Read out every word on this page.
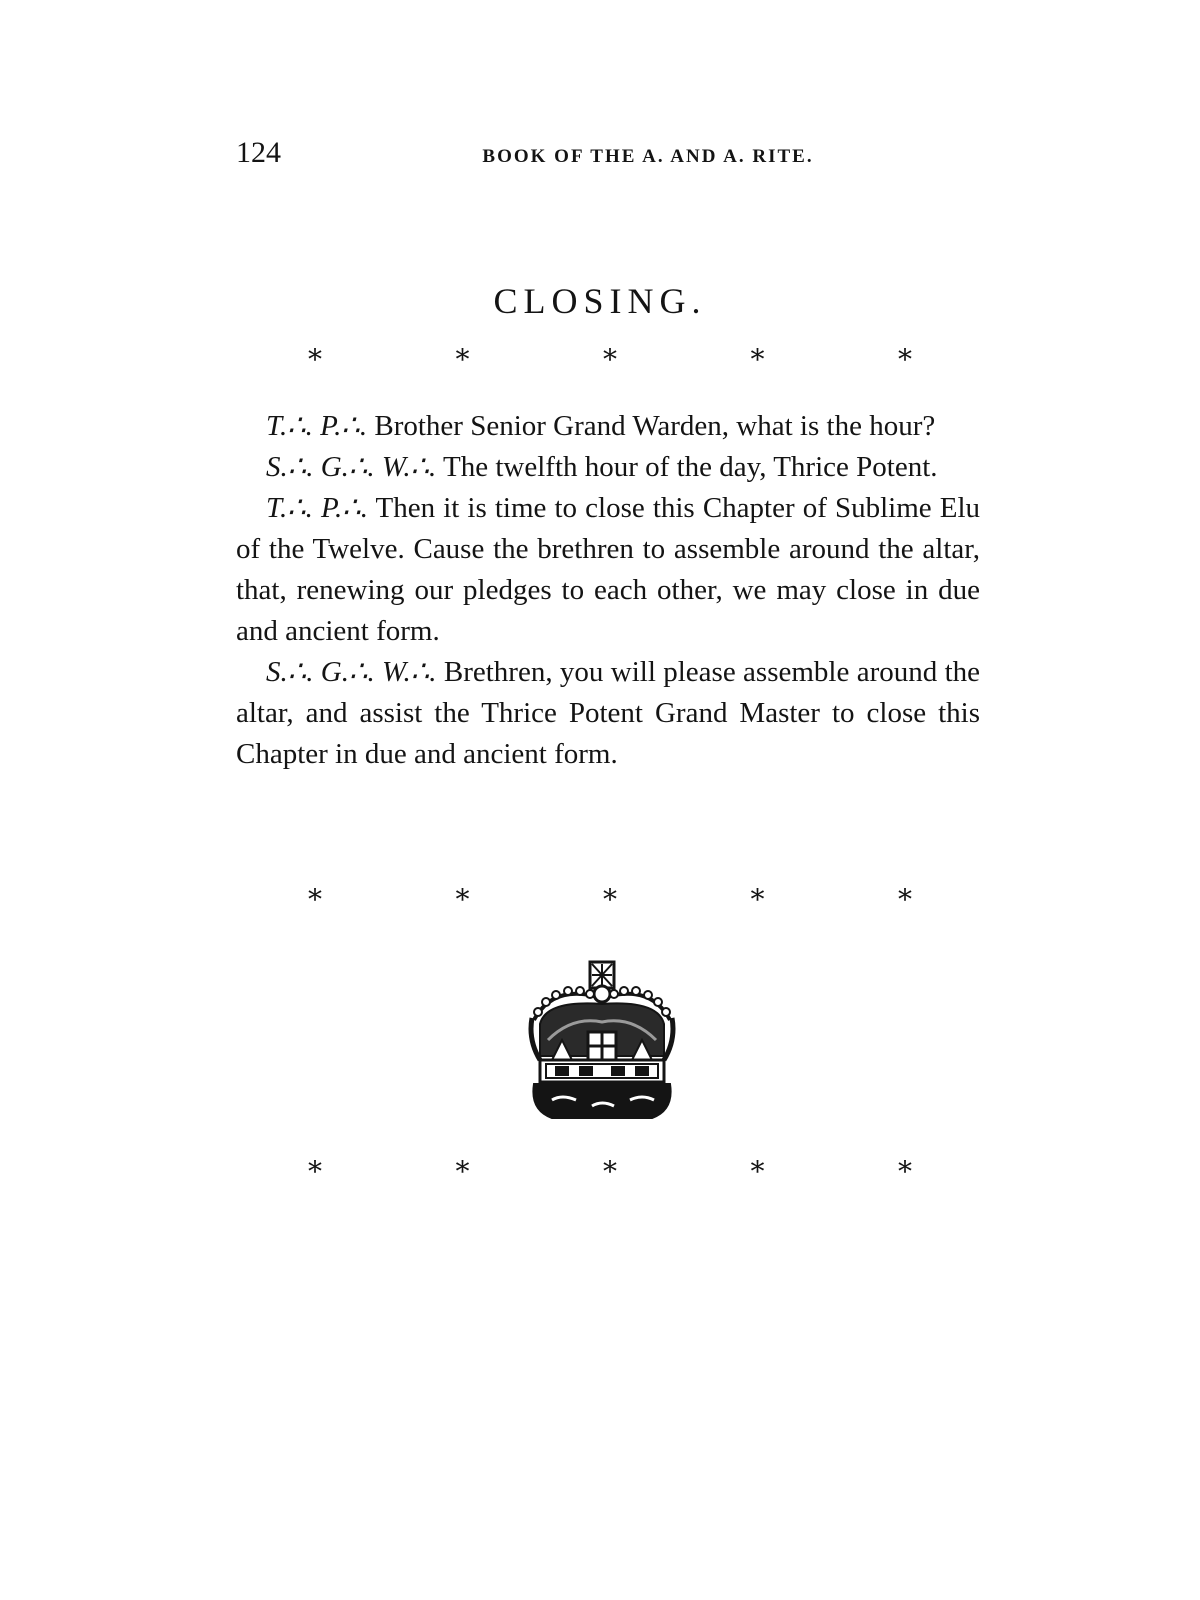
124	BOOK OF THE A. AND A. RITE.
CLOSING.
*	*	*	*	*

T.∴. P.∴. Brother Senior Grand Warden, what is the hour?

S.∴. G.∴. W.∴. The twelfth hour of the day, Thrice Potent.

T.∴. P.∴. Then it is time to close this Chapter of Sublime Elu of the Twelve. Cause the brethren to assemble around the altar, that, renewing our pledges to each other, we may close in due and ancient form.

S.∴. G.∴. W.∴. Brethren, you will please assemble around the altar, and assist the Thrice Potent Grand Master to close this Chapter in due and ancient form.

*	*	*	*	*
*	*	*	*	*
